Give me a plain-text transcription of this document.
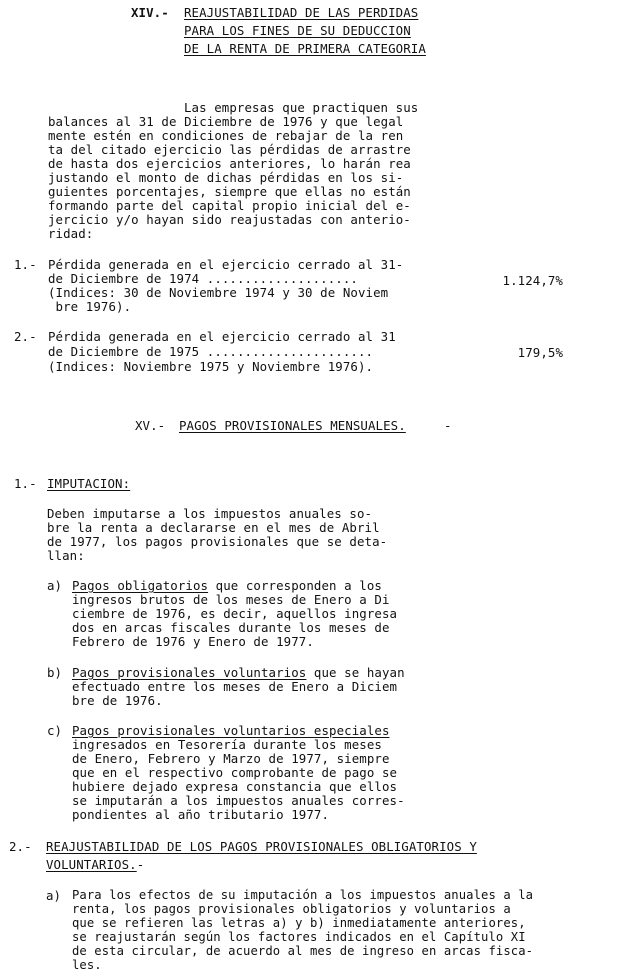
XIV.- REAJUSTABILIDAD DE LAS PERDIDAS
PARA LOS FINES DE SU DEDUCCION
DE LA RENTA DE PRIMERA CATEGORIA
Las empresas que practiquen sus
balances al 31 de Diciembre de 1976 y que legal
mente estén en condiciones de rebajar de la ren
ta del citado ejercicio las pérdidas de arrastre
de hasta dos ejercicios anteriores, lo harán rea
justando el monto de dichas pérdidas en los si-
guientes porcentajes, siempre que ellas no están
formando parte del capital propio inicial del e-
jercicio y/o hayan sido reajustadas con anterio-
ridad:
1.- Pérdida generada en el ejercicio cerrado al 31-
de Diciembre de 1974 ....................
(Indices: 30 de Noviembre 1974 y 30 de Noviem
bre 1976).
1.124,7%
2.- Pérdida generada en el ejercicio cerrado al 31
de Diciembre de 1975 ......................
(Indices: Noviembre 1975 y Noviembre 1976).
179,5%
XV.- PAGOS PROVISIONALES MENSUALES.	-
1.- IMPUTACION:
Deben imputarse a los impuestos anuales so-
bre la renta a declararse en el mes de Abril
de 1977, los pagos provisionales que se deta-
llan:
a) Pagos obligatorios que corresponden a los
ingresos brutos de los meses de Enero a Di
ciembre de 1976, es decir, aquellos ingresa
dos en arcas fiscales durante los meses de
Febrero de 1976 y Enero de 1977.
b) Pagos provisionales voluntarios que se hayan
efectuado entre los meses de Enero a Diciem
bre de 1976.
c) Pagos provisionales voluntarios especiales
ingresados en Tesorería durante los meses
de Enero, Febrero y Marzo de 1977, siempre
que en el respectivo comprobante de pago se
hubiere dejado expresa constancia que ellos
se imputarán a los impuestos anuales corres-
pondientes al año tributario 1977.
2.- REAJUSTABILIDAD DE LOS PAGOS PROVISIONALES OBLIGATORIOS Y
VOLUNTARIOS.-
a) Para los efectos de su imputación a los impuestos anuales a la
renta, los pagos provisionales obligatorios y voluntarios a
que se refieren las letras a) y b) inmediatamente anteriores,
se reajustarán según los factores indicados en el Capítulo XI
de esta circular, de acuerdo al mes de ingreso en arcas fisca-
les.
